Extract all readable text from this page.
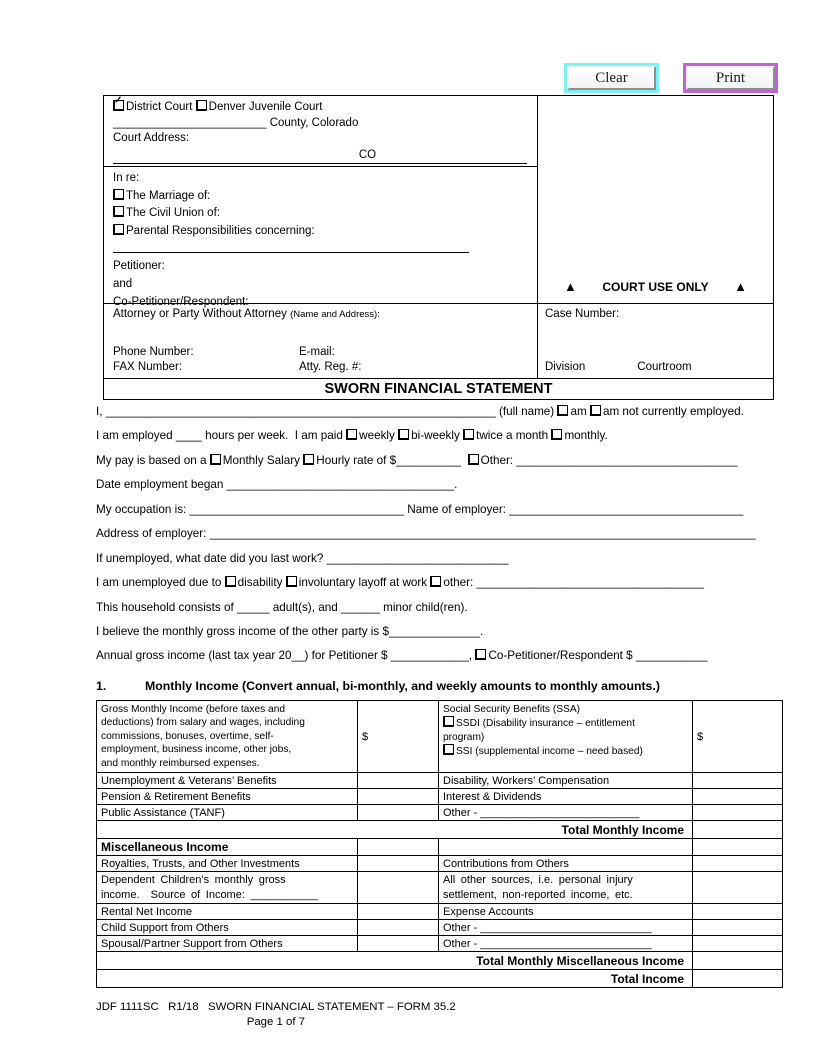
Clear	Print
✓
District Court Denver Juvenile Court
________________________ County, Colorado
Court Address:
CO
In re:
The Marriage of:
The Civil Union of:
Parental Responsibilities concerning:
Petitioner:
and
Co-Petitioner/Respondent:
▲ COURT USE ONLY ▲
Attorney or Party Without Attorney (Name and Address):
Phone Number:	E-mail:
FAX Number:	Atty. Reg. #:
Case Number:
Division	Courtroom
SWORN FINANCIAL STATEMENT
I, ____________________________________________________________ (full name) am am not currently employed.
I am employed ____ hours per week.  I am paid weekly bi-weekly twice a month monthly.
My pay is based on a Monthly Salary Hourly rate of $__________  Other: __________________________________
Date employment began ___________________________________.
My occupation is: _________________________________ Name of employer: ____________________________________
Address of employer: ____________________________________________________________________________________
If unemployed, what date did you last work? ____________________________
I am unemployed due to disability involuntary layoff at work other: ___________________________________
This household consists of _____ adult(s), and ______ minor child(ren).
I believe the monthly gross income of the other party is $______________.
Annual gross income (last tax year 20__) for Petitioner $ ____________, Co-Petitioner/Respondent $ ___________
1.	Monthly Income (Convert annual, bi-monthly, and weekly amounts to monthly amounts.)
Gross Monthly Income (before taxes and
deductions) from salary and wages, including
commissions, bonuses, overtime, self-
employment, business income, other jobs,
and monthly reimbursed expenses.	$	Social Security Benefits (SSA)
SSDI (Disability insurance – entitlement
program)
SSI (supplemental income – need based)	$
Unemployment & Veterans’ Benefits		Disability, Workers’ Compensation	
Pension & Retirement Benefits		Interest & Dividends	
Public Assistance (TANF)		Other - __________________________	
Total Monthly Income			
Miscellaneous Income			
Royalties, Trusts, and Other Investments		Contributions from Others	
Dependent Children’s monthly gross
income.  Source of Income: ___________		All other sources, i.e. personal injury
settlement, non-reported income, etc.	
Rental Net Income		Expense Accounts	
Child Support from Others		Other - ____________________________	
Spousal/Partner Support from Others		Other - ____________________________	
Total Monthly Miscellaneous Income			
Total Income			
JDF 1111SC   R1/18   SWORN FINANCIAL STATEMENT – FORM 35.2
Page 1 of 7
